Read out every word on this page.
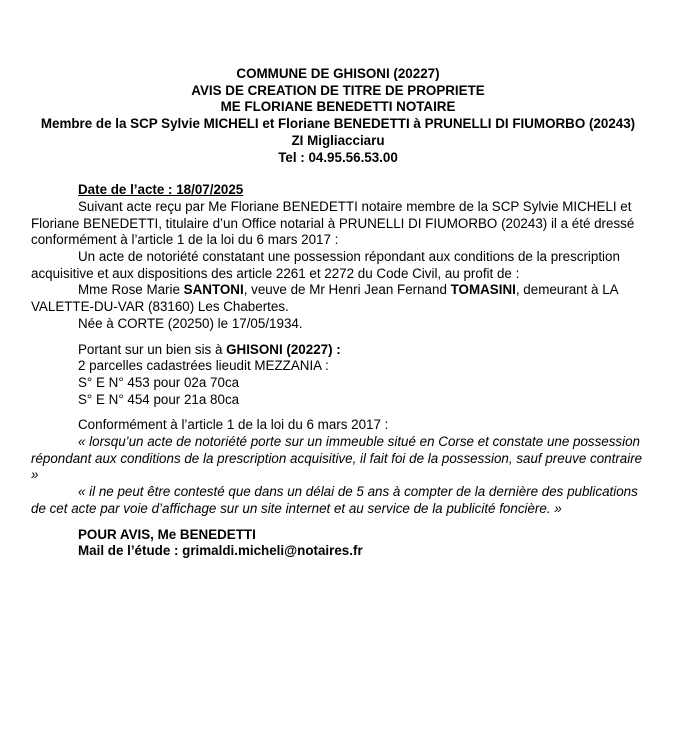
COMMUNE DE GHISONI (20227)
AVIS DE CREATION DE TITRE DE PROPRIETE
ME FLORIANE BENEDETTI NOTAIRE
Membre de la SCP Sylvie MICHELI et Floriane BENEDETTI à PRUNELLI DI FIUMORBO (20243)
ZI Migliacciaru
Tel : 04.95.56.53.00

Date de l’acte : 18/07/2025

Suivant acte reçu par Me Floriane BENEDETTI notaire membre de la SCP Sylvie MICHELI et Floriane BENEDETTI, titulaire d’un Office notarial à PRUNELLI DI FIUMORBO (20243) il a été dressé conformément à l’article 1 de la loi du 6 mars 2017 :

Un acte de notoriété constatant une possession répondant aux conditions de la prescription acquisitive et aux dispositions des article 2261 et 2272 du Code Civil, au profit de :

Mme Rose Marie SANTONI, veuve de Mr Henri Jean Fernand TOMASINI, demeurant à LA VALETTE-DU-VAR (83160) Les Chabertes.

Née à CORTE (20250) le 17/05/1934.

Portant sur un bien sis à GHISONI (20227) :

2 parcelles cadastrées lieudit MEZZANIA :

S° E N° 453 pour 02a 70ca

S° E N° 454 pour 21a 80ca

Conformément à l’article 1 de la loi du 6 mars 2017 :

« lorsqu’un acte de notoriété porte sur un immeuble situé en Corse et constate une possession répondant aux conditions de la prescription acquisitive, il fait foi de la possession, sauf preuve contraire »

« il ne peut être contesté que dans un délai de 5 ans à compter de la dernière des publications de cet acte par voie d’affichage sur un site internet et au service de la publicité foncière. »

POUR AVIS, Me BENEDETTI

Mail de l’étude : grimaldi.micheli@notaires.fr
